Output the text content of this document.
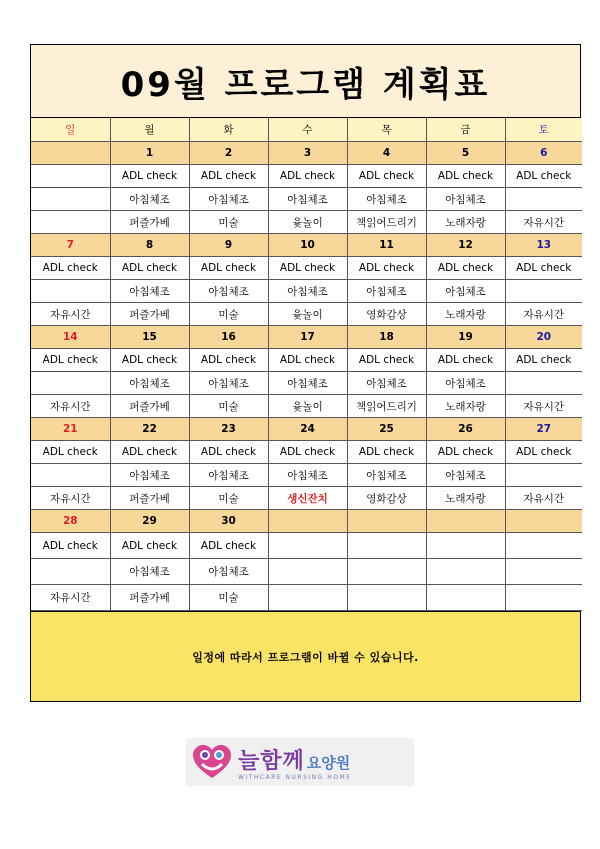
09월 프로그램 계획표
일	월	화	수	목	금	토
	1	2	3	4	5	6
	ADL check	ADL check	ADL check	ADL check	ADL check	ADL check
	아침체조	아침체조	아침체조	아침체조	아침체조	
	퍼즐가베	미술	윷놀이	책읽어드리기	노래자랑	자유시간
7	8	9	10	11	12	13
ADL check	ADL check	ADL check	ADL check	ADL check	ADL check	ADL check
	아침체조	아침체조	아침체조	아침체조	아침체조	
자유시간	퍼즐가베	미술	윷놀이	영화감상	노래자랑	자유시간
14	15	16	17	18	19	20
ADL check	ADL check	ADL check	ADL check	ADL check	ADL check	ADL check
	아침체조	아침체조	아침체조	아침체조	아침체조	
자유시간	퍼즐가베	미술	윷놀이	책읽어드리기	노래자랑	자유시간
21	22	23	24	25	26	27
ADL check	ADL check	ADL check	ADL check	ADL check	ADL check	ADL check
	아침체조	아침체조	아침체조	아침체조	아침체조	
자유시간	퍼즐가베	미술	생신잔치	영화감상	노래자랑	자유시간
28	29	30				
ADL check	ADL check	ADL check				
	아침체조	아침체조				
자유시간	퍼즐가베	미술				
일정에 따라서 프로그램이 바뀔 수 있습니다.
늘함께 요양원
WITHCARE NURSING HOME
